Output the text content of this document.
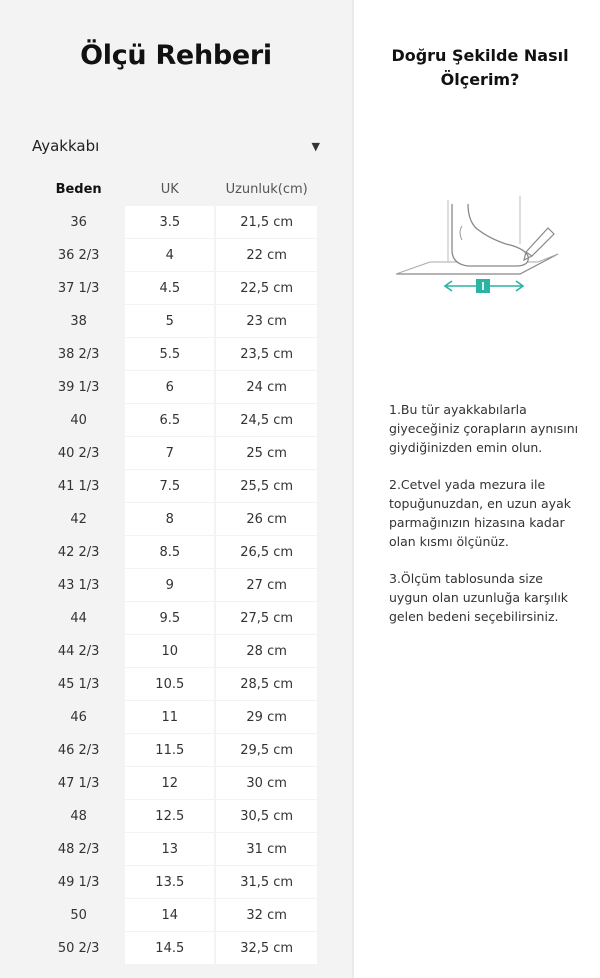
Ölçü Rehberi
Ayakkabı	▼
Beden	UK	Uzunluk(cm)
36	3.5	21,5 cm
36 2/3	4	22 cm
37 1/3	4.5	22,5 cm
38	5	23 cm
38 2/3	5.5	23,5 cm
39 1/3	6	24 cm
40	6.5	24,5 cm
40 2/3	7	25 cm
41 1/3	7.5	25,5 cm
42	8	26 cm
42 2/3	8.5	26,5 cm
43 1/3	9	27 cm
44	9.5	27,5 cm
44 2/3	10	28 cm
45 1/3	10.5	28,5 cm
46	11	29 cm
46 2/3	11.5	29,5 cm
47 1/3	12	30 cm
48	12.5	30,5 cm
48 2/3	13	31 cm
49 1/3	13.5	31,5 cm
50	14	32 cm
50 2/3	14.5	32,5 cm
Doğru Şekilde Nasıl
Ölçerim?
1.Bu tür ayakkabılarla giyeceğiniz çorapların aynısını giydiğinizden emin olun.
2.Cetvel yada mezura ile topuğunuzdan, en uzun ayak parmağınızın hizasına kadar olan kısmı ölçünüz.
3.Ölçüm tablosunda size uygun olan uzunluğa karşılık gelen bedeni seçebilirsiniz.
